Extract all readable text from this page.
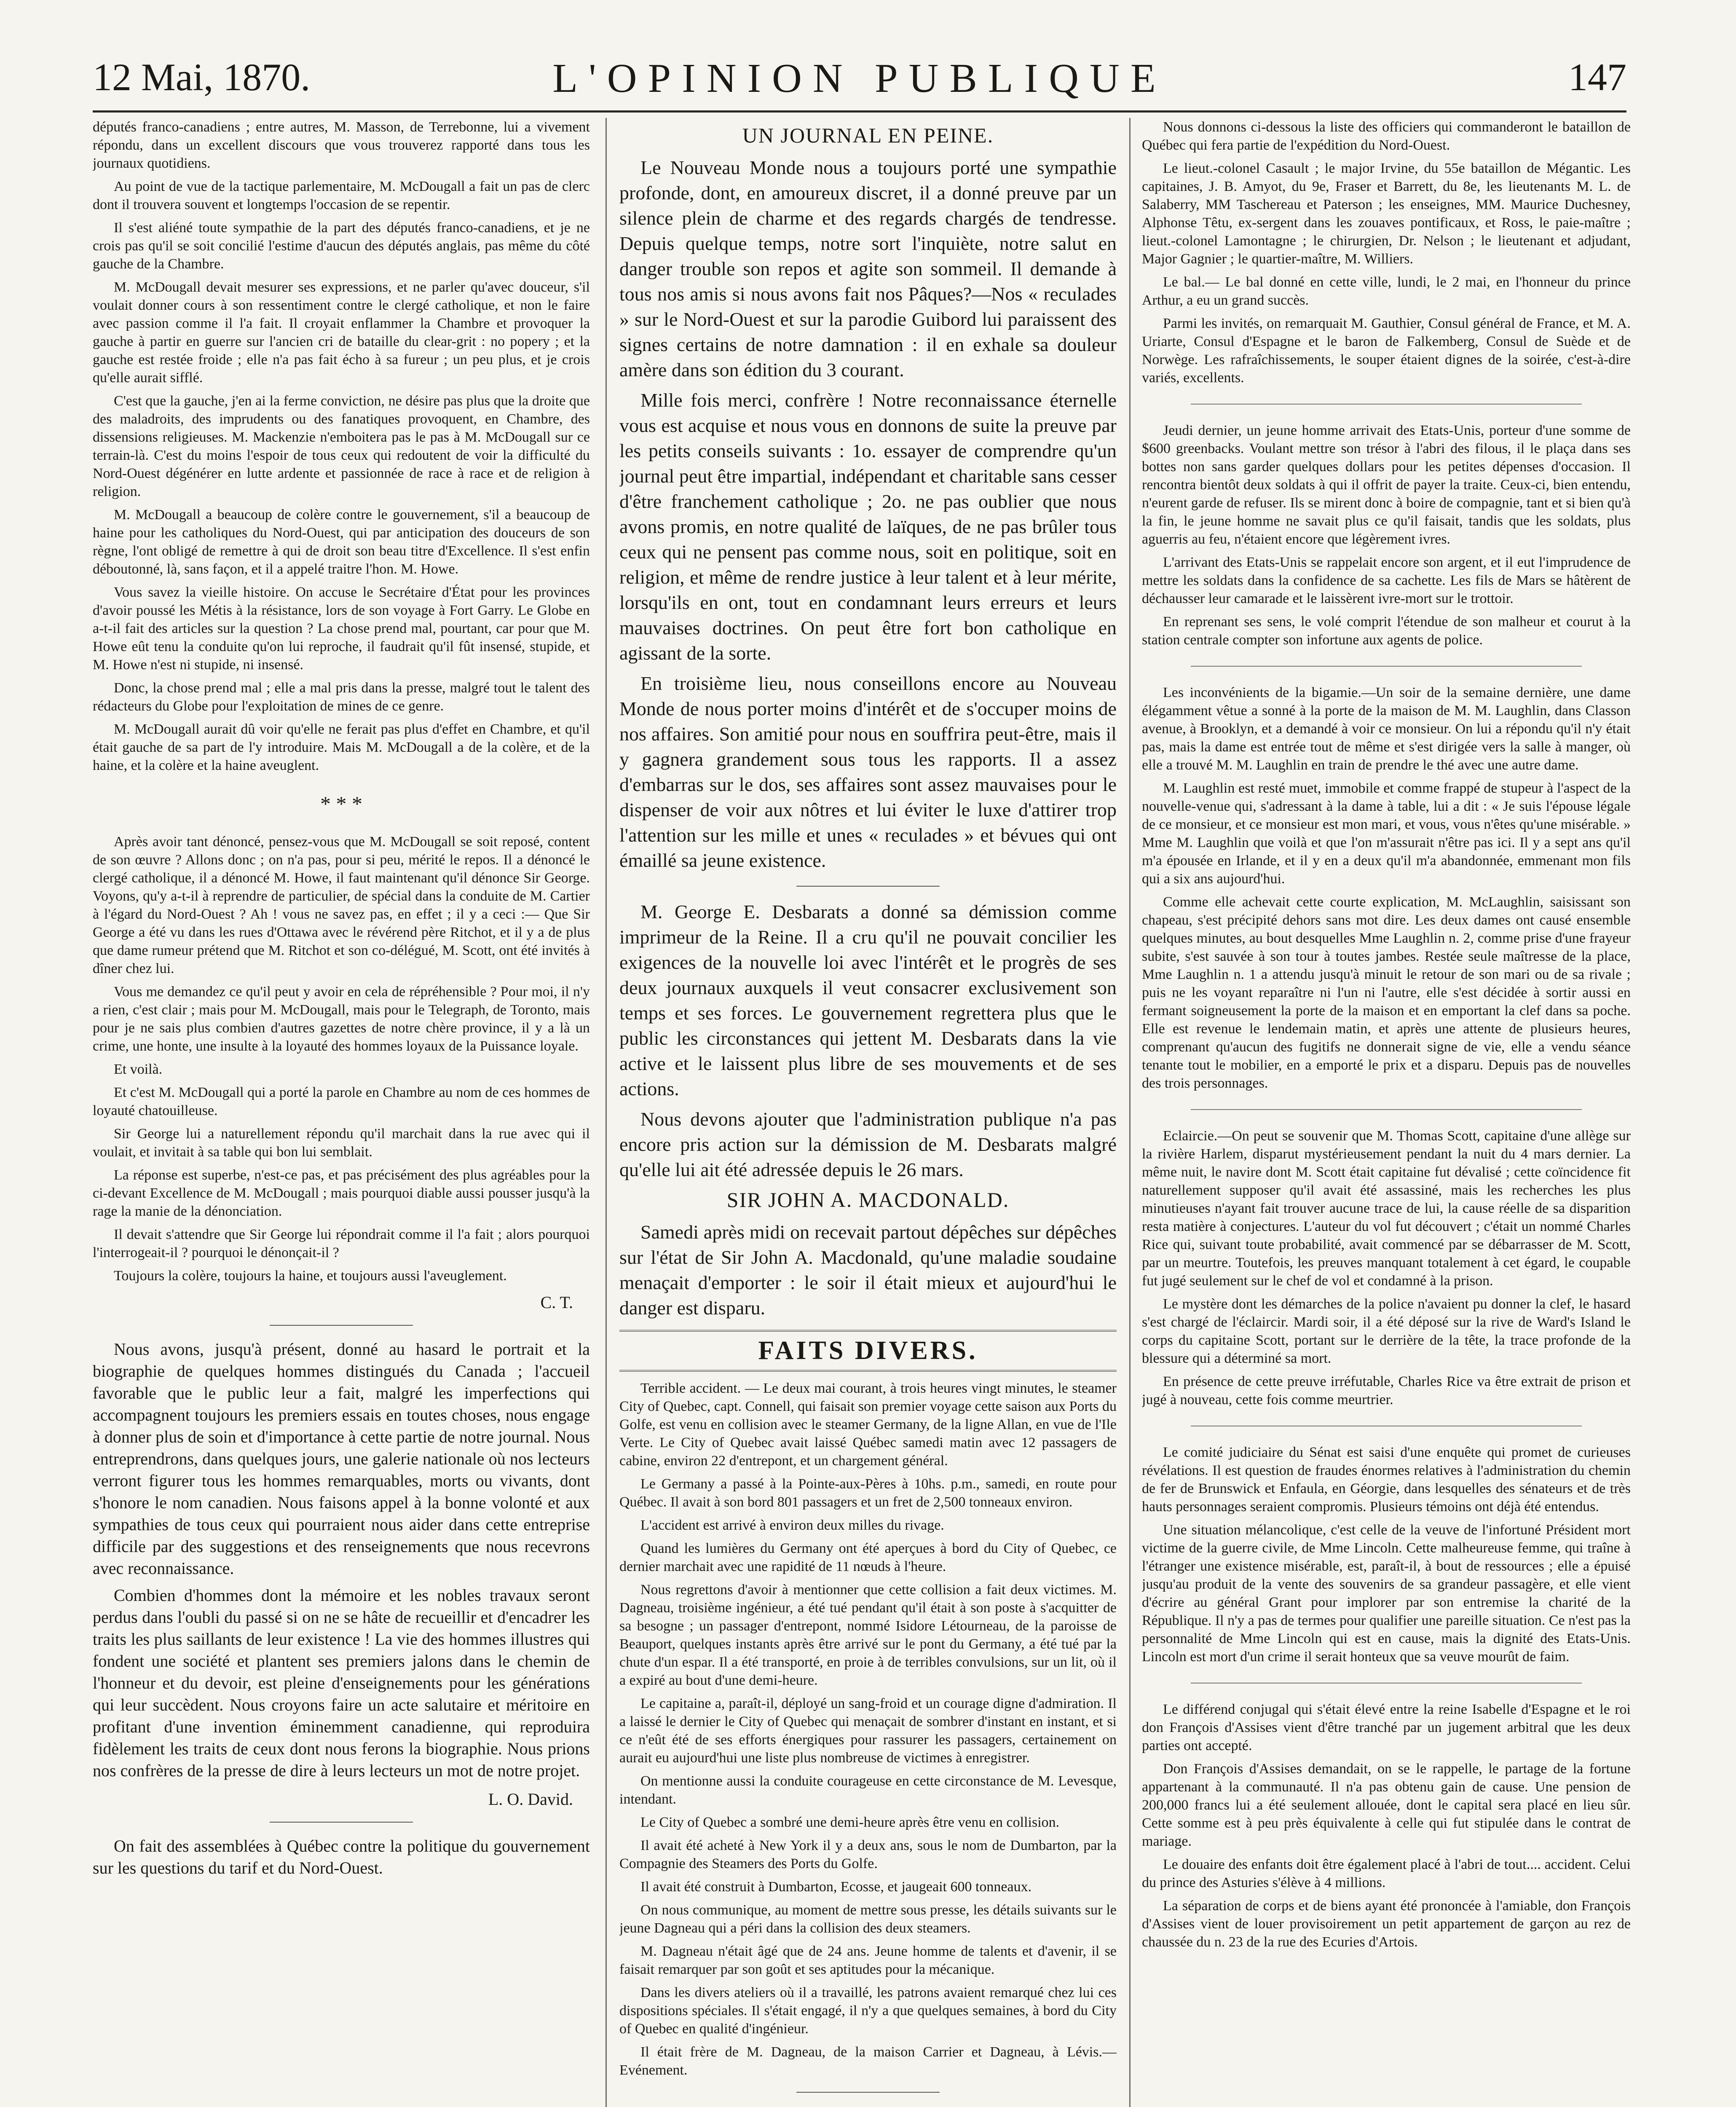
12 Mai, 1870.	L'OPINION PUBLIQUE	147

députés franco-canadiens ; entre autres, M. Masson, de Terrebonne, lui a vivement répondu, dans un excellent discours que vous trouverez rapporté dans tous les journaux quotidiens.

Au point de vue de la tactique parlementaire, M. McDougall a fait un pas de clerc dont il trouvera souvent et longtemps l'occasion de se repentir.

Il s'est aliéné toute sympathie de la part des députés franco-canadiens, et je ne crois pas qu'il se soit concilié l'estime d'aucun des députés anglais, pas même du côté gauche de la Chambre.

M. McDougall devait mesurer ses expressions, et ne parler qu'avec douceur, s'il voulait donner cours à son ressentiment contre le clergé catholique, et non le faire avec passion comme il l'a fait. Il croyait enflammer la Chambre et provoquer la gauche à partir en guerre sur l'ancien cri de bataille du clear-grit : no popery ; et la gauche est restée froide ; elle n'a pas fait écho à sa fureur ; un peu plus, et je crois qu'elle aurait sifflé.

C'est que la gauche, j'en ai la ferme conviction, ne désire pas plus que la droite que des maladroits, des imprudents ou des fanatiques provoquent, en Chambre, des dissensions religieuses. M. Mackenzie n'emboitera pas le pas à M. McDougall sur ce terrain-là. C'est du moins l'espoir de tous ceux qui redoutent de voir la difficulté du Nord-Ouest dégénérer en lutte ardente et passionnée de race à race et de religion à religion.

M. McDougall a beaucoup de colère contre le gouvernement, s'il a beaucoup de haine pour les catholiques du Nord-Ouest, qui par anticipation des douceurs de son règne, l'ont obligé de remettre à qui de droit son beau titre d'Excellence. Il s'est enfin déboutonné, là, sans façon, et il a appelé traitre l'hon. M. Howe.

Vous savez la vieille histoire. On accuse le Secrétaire d'État pour les provinces d'avoir poussé les Métis à la résistance, lors de son voyage à Fort Garry. Le Globe en a-t-il fait des articles sur la question ? La chose prend mal, pourtant, car pour que M. Howe eût tenu la conduite qu'on lui reproche, il faudrait qu'il fût insensé, stupide, et M. Howe n'est ni stupide, ni insensé.

Donc, la chose prend mal ; elle a mal pris dans la presse, malgré tout le talent des rédacteurs du Globe pour l'exploitation de mines de ce genre.

M. McDougall aurait dû voir qu'elle ne ferait pas plus d'effet en Chambre, et qu'il était gauche de sa part de l'y introduire. Mais M. McDougall a de la colère, et de la haine, et la colère et la haine aveuglent.

* * *

Après avoir tant dénoncé, pensez-vous que M. McDougall se soit reposé, content de son œuvre ? Allons donc ; on n'a pas, pour si peu, mérité le repos. Il a dénoncé le clergé catholique, il a dénoncé M. Howe, il faut maintenant qu'il dénonce Sir George. Voyons, qu'y a-t-il à reprendre de particulier, de spécial dans la conduite de M. Cartier à l'égard du Nord-Ouest ? Ah ! vous ne savez pas, en effet ; il y a ceci :— Que Sir George a été vu dans les rues d'Ottawa avec le révérend père Ritchot, et il y a de plus que dame rumeur prétend que M. Ritchot et son co-délégué, M. Scott, ont été invités à dîner chez lui.

Vous me demandez ce qu'il peut y avoir en cela de répréhensible ? Pour moi, il n'y a rien, c'est clair ; mais pour M. McDougall, mais pour le Telegraph, de Toronto, mais pour je ne sais plus combien d'autres gazettes de notre chère province, il y a là un crime, une honte, une insulte à la loyauté des hommes loyaux de la Puissance loyale.

Et voilà.

Et c'est M. McDougall qui a porté la parole en Chambre au nom de ces hommes de loyauté chatouilleuse.

Sir George lui a naturellement répondu qu'il marchait dans la rue avec qui il voulait, et invitait à sa table qui bon lui semblait.

La réponse est superbe, n'est-ce pas, et pas précisément des plus agréables pour la ci-devant Excellence de M. McDougall ; mais pourquoi diable aussi pousser jusqu'à la rage la manie de la dénonciation.

Il devait s'attendre que Sir George lui répondrait comme il l'a fait ; alors pourquoi l'interrogeait-il ? pourquoi le dénonçait-il ?

Toujours la colère, toujours la haine, et toujours aussi l'aveuglement.

C. T.

Nous avons, jusqu'à présent, donné au hasard le portrait et la biographie de quelques hommes distingués du Canada ; l'accueil favorable que le public leur a fait, malgré les imperfections qui accompagnent toujours les premiers essais en toutes choses, nous engage à donner plus de soin et d'importance à cette partie de notre journal. Nous entreprendrons, dans quelques jours, une galerie nationale où nos lecteurs verront figurer tous les hommes remarquables, morts ou vivants, dont s'honore le nom canadien. Nous faisons appel à la bonne volonté et aux sympathies de tous ceux qui pourraient nous aider dans cette entreprise difficile par des suggestions et des renseignements que nous recevrons avec reconnaissance.

Combien d'hommes dont la mémoire et les nobles travaux seront perdus dans l'oubli du passé si on ne se hâte de recueillir et d'encadrer les traits les plus saillants de leur existence ! La vie des hommes illustres qui fondent une société et plantent ses premiers jalons dans le chemin de l'honneur et du devoir, est pleine d'enseignements pour les générations qui leur succèdent. Nous croyons faire un acte salutaire et méritoire en profitant d'une invention éminemment canadienne, qui reproduira fidèlement les traits de ceux dont nous ferons la biographie. Nous prions nos confrères de la presse de dire à leurs lecteurs un mot de notre projet.

L. O. David.

On fait des assemblées à Québec contre la politique du gouvernement sur les questions du tarif et du Nord-Ouest.

UN JOURNAL EN PEINE.

Le Nouveau Monde nous a toujours porté une sympathie profonde, dont, en amoureux discret, il a donné preuve par un silence plein de charme et des regards chargés de tendresse. Depuis quelque temps, notre sort l'inquiète, notre salut en danger trouble son repos et agite son sommeil. Il demande à tous nos amis si nous avons fait nos Pâques?—Nos « reculades » sur le Nord-Ouest et sur la parodie Guibord lui paraissent des signes certains de notre damnation : il en exhale sa douleur amère dans son édition du 3 courant.

Mille fois merci, confrère ! Notre reconnaissance éternelle vous est acquise et nous vous en donnons de suite la preuve par les petits conseils suivants : 1o. essayer de comprendre qu'un journal peut être impartial, indépendant et charitable sans cesser d'être franchement catholique ; 2o. ne pas oublier que nous avons promis, en notre qualité de laïques, de ne pas brûler tous ceux qui ne pensent pas comme nous, soit en politique, soit en religion, et même de rendre justice à leur talent et à leur mérite, lorsqu'ils en ont, tout en condamnant leurs erreurs et leurs mauvaises doctrines. On peut être fort bon catholique en agissant de la sorte.

En troisième lieu, nous conseillons encore au Nouveau Monde de nous porter moins d'intérêt et de s'occuper moins de nos affaires. Son amitié pour nous en souffrira peut-être, mais il y gagnera grandement sous tous les rapports. Il a assez d'embarras sur le dos, ses affaires sont assez mauvaises pour le dispenser de voir aux nôtres et lui éviter le luxe d'attirer trop l'attention sur les mille et unes « reculades » et bévues qui ont émaillé sa jeune existence.

M. George E. Desbarats a donné sa démission comme imprimeur de la Reine. Il a cru qu'il ne pouvait concilier les exigences de la nouvelle loi avec l'intérêt et le progrès de ses deux journaux auxquels il veut consacrer exclusivement son temps et ses forces. Le gouvernement regrettera plus que le public les circonstances qui jettent M. Desbarats dans la vie active et le laissent plus libre de ses mouvements et de ses actions.

Nous devons ajouter que l'administration publique n'a pas encore pris action sur la démission de M. Desbarats malgré qu'elle lui ait été adressée depuis le 26 mars.

SIR JOHN A. MACDONALD.

Samedi après midi on recevait partout dépêches sur dépêches sur l'état de Sir John A. Macdonald, qu'une maladie soudaine menaçait d'emporter : le soir il était mieux et aujourd'hui le danger est disparu.

FAITS DIVERS.

Terrible accident. — Le deux mai courant, à trois heures vingt minutes, le steamer City of Quebec, capt. Connell, qui faisait son premier voyage cette saison aux Ports du Golfe, est venu en collision avec le steamer Germany, de la ligne Allan, en vue de l'Ile Verte. Le City of Quebec avait laissé Québec samedi matin avec 12 passagers de cabine, environ 22 d'entrepont, et un chargement général.

Le Germany a passé à la Pointe-aux-Pères à 10hs. p.m., samedi, en route pour Québec. Il avait à son bord 801 passagers et un fret de 2,500 tonneaux environ.

L'accident est arrivé à environ deux milles du rivage.

Quand les lumières du Germany ont été aperçues à bord du City of Quebec, ce dernier marchait avec une rapidité de 11 nœuds à l'heure.

Nous regrettons d'avoir à mentionner que cette collision a fait deux victimes. M. Dagneau, troisième ingénieur, a été tué pendant qu'il était à son poste à s'acquitter de sa besogne ; un passager d'entrepont, nommé Isidore Létourneau, de la paroisse de Beauport, quelques instants après être arrivé sur le pont du Germany, a été tué par la chute d'un espar. Il a été transporté, en proie à de terribles convulsions, sur un lit, où il a expiré au bout d'une demi-heure.

Le capitaine a, paraît-il, déployé un sang-froid et un courage digne d'admiration. Il a laissé le dernier le City of Quebec qui menaçait de sombrer d'instant en instant, et si ce n'eût été de ses efforts énergiques pour rassurer les passagers, certainement on aurait eu aujourd'hui une liste plus nombreuse de victimes à enregistrer.

On mentionne aussi la conduite courageuse en cette circonstance de M. Levesque, intendant.

Le City of Quebec a sombré une demi-heure après être venu en collision.

Il avait été acheté à New York il y a deux ans, sous le nom de Dumbarton, par la Compagnie des Steamers des Ports du Golfe.

Il avait été construit à Dumbarton, Ecosse, et jaugeait 600 tonneaux.

On nous communique, au moment de mettre sous presse, les détails suivants sur le jeune Dagneau qui a péri dans la collision des deux steamers.

M. Dagneau n'était âgé que de 24 ans. Jeune homme de talents et d'avenir, il se faisait remarquer par son goût et ses aptitudes pour la mécanique.

Dans les divers ateliers où il a travaillé, les patrons avaient remarqué chez lui ces dispositions spéciales. Il s'était engagé, il n'y a que quelques semaines, à bord du City of Quebec en qualité d'ingénieur.

Il était frère de M. Dagneau, de la maison Carrier et Dagneau, à Lévis.—Evénement.

Nous donnons ci-dessous la liste des officiers qui commanderont le bataillon de Québec qui fera partie de l'expédition du Nord-Ouest.

Le lieut.-colonel Casault ; le major Irvine, du 55e bataillon de Mégantic. Les capitaines, J. B. Amyot, du 9e, Fraser et Barrett, du 8e, les lieutenants M. L. de Salaberry, MM Taschereau et Paterson ; les enseignes, MM. Maurice Duchesney, Alphonse Têtu, ex-sergent dans les zouaves pontificaux, et Ross, le paie-maître ; lieut.-colonel Lamontagne ; le chirurgien, Dr. Nelson ; le lieutenant et adjudant, Major Gagnier ; le quartier-maître, M. Williers.

Le bal.— Le bal donné en cette ville, lundi, le 2 mai, en l'honneur du prince Arthur, a eu un grand succès.

Parmi les invités, on remarquait M. Gauthier, Consul général de France, et M. A. Uriarte, Consul d'Espagne et le baron de Falkemberg, Consul de Suède et de Norwège. Les rafraîchissements, le souper étaient dignes de la soirée, c'est-à-dire variés, excellents.

Jeudi dernier, un jeune homme arrivait des Etats-Unis, porteur d'une somme de $600 greenbacks. Voulant mettre son trésor à l'abri des filous, il le plaça dans ses bottes non sans garder quelques dollars pour les petites dépenses d'occasion. Il rencontra bientôt deux soldats à qui il offrit de payer la traite. Ceux-ci, bien entendu, n'eurent garde de refuser. Ils se mirent donc à boire de compagnie, tant et si bien qu'à la fin, le jeune homme ne savait plus ce qu'il faisait, tandis que les soldats, plus aguerris au feu, n'étaient encore que légèrement ivres.

L'arrivant des Etats-Unis se rappelait encore son argent, et il eut l'imprudence de mettre les soldats dans la confidence de sa cachette. Les fils de Mars se hâtèrent de déchausser leur camarade et le laissèrent ivre-mort sur le trottoir.

En reprenant ses sens, le volé comprit l'étendue de son malheur et courut à la station centrale compter son infortune aux agents de police.

Les inconvénients de la bigamie.—Un soir de la semaine dernière, une dame élégamment vêtue a sonné à la porte de la maison de M. M. Laughlin, dans Classon avenue, à Brooklyn, et a demandé à voir ce monsieur. On lui a répondu qu'il n'y était pas, mais la dame est entrée tout de même et s'est dirigée vers la salle à manger, où elle a trouvé M. M. Laughlin en train de prendre le thé avec une autre dame.

M. Laughlin est resté muet, immobile et comme frappé de stupeur à l'aspect de la nouvelle-venue qui, s'adressant à la dame à table, lui a dit : « Je suis l'épouse légale de ce monsieur, et ce monsieur est mon mari, et vous, vous n'êtes qu'une misérable. » Mme M. Laughlin que voilà et que l'on m'assurait n'être pas ici. Il y a sept ans qu'il m'a épousée en Irlande, et il y en a deux qu'il m'a abandonnée, emmenant mon fils qui a six ans aujourd'hui.

Comme elle achevait cette courte explication, M. McLaughlin, saisissant son chapeau, s'est précipité dehors sans mot dire. Les deux dames ont causé ensemble quelques minutes, au bout desquelles Mme Laughlin n. 2, comme prise d'une frayeur subite, s'est sauvée à son tour à toutes jambes. Restée seule maîtresse de la place, Mme Laughlin n. 1 a attendu jusqu'à minuit le retour de son mari ou de sa rivale ; puis ne les voyant reparaître ni l'un ni l'autre, elle s'est décidée à sortir aussi en fermant soigneusement la porte de la maison et en emportant la clef dans sa poche. Elle est revenue le lendemain matin, et après une attente de plusieurs heures, comprenant qu'aucun des fugitifs ne donnerait signe de vie, elle a vendu séance tenante tout le mobilier, en a emporté le prix et a disparu. Depuis pas de nouvelles des trois personnages.

Eclaircie.—On peut se souvenir que M. Thomas Scott, capitaine d'une allège sur la rivière Harlem, disparut mystérieusement pendant la nuit du 4 mars dernier. La même nuit, le navire dont M. Scott était capitaine fut dévalisé ; cette coïncidence fit naturellement supposer qu'il avait été assassiné, mais les recherches les plus minutieuses n'ayant fait trouver aucune trace de lui, la cause réelle de sa disparition resta matière à conjectures. L'auteur du vol fut découvert ; c'était un nommé Charles Rice qui, suivant toute probabilité, avait commencé par se débarrasser de M. Scott, par un meurtre. Toutefois, les preuves manquant totalement à cet égard, le coupable fut jugé seulement sur le chef de vol et condamné à la prison.

Le mystère dont les démarches de la police n'avaient pu donner la clef, le hasard s'est chargé de l'éclaircir. Mardi soir, il a été déposé sur la rive de Ward's Island le corps du capitaine Scott, portant sur le derrière de la tête, la trace profonde de la blessure qui a déterminé sa mort.

En présence de cette preuve irréfutable, Charles Rice va être extrait de prison et jugé à nouveau, cette fois comme meurtrier.

Le comité judiciaire du Sénat est saisi d'une enquête qui promet de curieuses révélations. Il est question de fraudes énormes relatives à l'administration du chemin de fer de Brunswick et Enfaula, en Géorgie, dans lesquelles des sénateurs et de très hauts personnages seraient compromis. Plusieurs témoins ont déjà été entendus.

Une situation mélancolique, c'est celle de la veuve de l'infortuné Président mort victime de la guerre civile, de Mme Lincoln. Cette malheureuse femme, qui traîne à l'étranger une existence misérable, est, paraît-il, à bout de ressources ; elle a épuisé jusqu'au produit de la vente des souvenirs de sa grandeur passagère, et elle vient d'écrire au général Grant pour implorer par son entremise la charité de la République. Il n'y a pas de termes pour qualifier une pareille situation. Ce n'est pas la personnalité de Mme Lincoln qui est en cause, mais la dignité des Etats-Unis. Lincoln est mort d'un crime il serait honteux que sa veuve mourût de faim.

Le différend conjugal qui s'était élevé entre la reine Isabelle d'Espagne et le roi don François d'Assises vient d'être tranché par un jugement arbitral que les deux parties ont accepté.

Don François d'Assises demandait, on se le rappelle, le partage de la fortune appartenant à la communauté. Il n'a pas obtenu gain de cause. Une pension de 200,000 francs lui a été seulement allouée, dont le capital sera placé en lieu sûr. Cette somme est à peu près équivalente à celle qui fut stipulée dans le contrat de mariage.

Le douaire des enfants doit être également placé à l'abri de tout.... accident. Celui du prince des Asturies s'élève à 4 millions.

La séparation de corps et de biens ayant été prononcée à l'amiable, don François d'Assises vient de louer provisoirement un petit appartement de garçon au rez de chaussée du n. 23 de la rue des Ecuries d'Artois.
